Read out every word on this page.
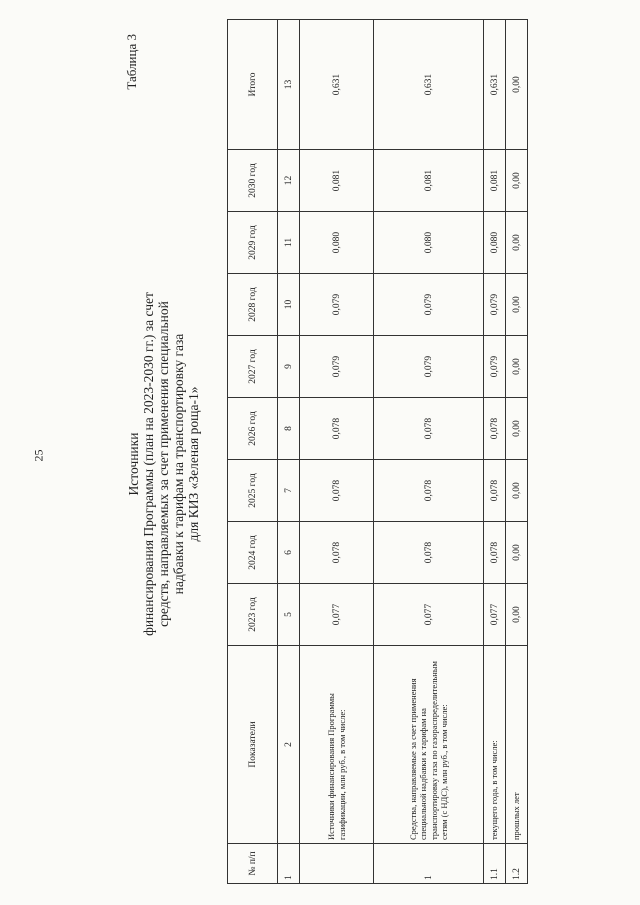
25
Таблица 3
Источники финансирования Программы (план на 2023-2030 гг.) за счет средств, направляемых за счет применения специальной надбавки к тарифам на транспортировку газа для КИЗ «Зеленая роща-1»
№ п/п	Показатели	2023 год	2024 год	2025 год	2026 год	2027 год	2028 год	2029 год	2030 год	Итого
1	2	5	6	7	8	9	10	11	12	13
	Источники финансирования Программы газификации, млн руб., в том числе:	0,077	0,078	0,078	0,078	0,079	0,079	0,080	0,081	0,631
1	Средства, направляемые за счет применения специальной надбавки к тарифам на транспортировку газа по газораспределительным сетям (с НДС), млн руб., в том числе:	0,077	0,078	0,078	0,078	0,079	0,079	0,080	0,081	0,631
1.1	текущего года, в том числе:	0,077	0,078	0,078	0,078	0,079	0,079	0,080	0,081	0,631
1.2	прошлых лет	0,00	0,00	0,00	0,00	0,00	0,00	0,00	0,00	0,00
